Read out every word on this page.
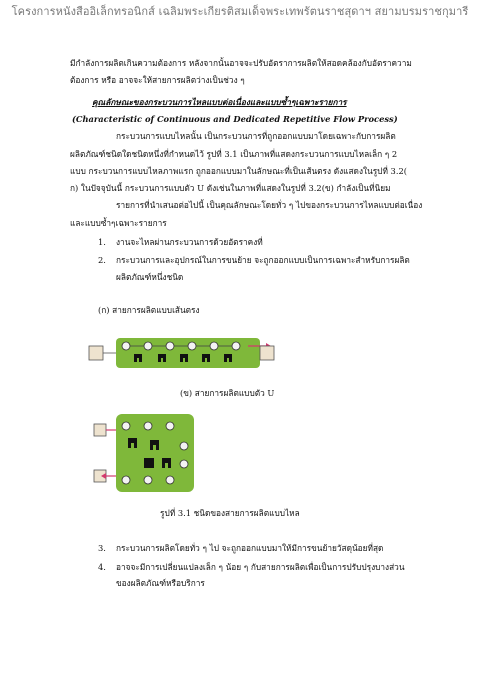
โครงการหนังสืออิเล็กทรอนิกส์ เฉลิมพระเกียรติสมเด็จพระเทพรัตนราชสุดาฯ สยามบรมราชกุมารี
มีกำลังการผลิตเกินความต้องการ หลังจากนั้นอาจจะปรับอัตราการผลิตให้สอดคล้องกับอัตราความ
ต้องการ หรือ อาจจะให้สายการผลิตว่างเป็นช่วง ๆ
คุณลักษณะของกระบวนการไหลแบบต่อเนื่องและแบบซ้ำๆเฉพาะรายการ
(Characteristic of Continuous and Dedicated Repetitive Flow Process)
กระบวนการแบบไหลนั้น เป็นกระบวนการที่ถูกออกแบบมาโดยเฉพาะกับการผลิต
ผลิตภัณฑ์ชนิดใดชนิดหนึ่งที่กำหนดไว้ รูปที่ 3.1 เป็นภาพที่แสดงกระบวนการแบบไหลเล็ก ๆ 2
แบบ กระบวนการแบบไหลภาพแรก ถูกออกแบบมาในลักษณะที่เป็นเส้นตรง ดังแสดงในรูปที่ 3.2(
ก) ในปัจจุบันนี้ กระบวนการแบบตัว U ดังเช่นในภาพที่แสดงในรูปที่ 3.2(ข) กำลังเป็นที่นิยม
รายการที่นำเสนอต่อไปนี้ เป็นคุณลักษณะโดยทั่ว ๆ ไปของกระบวนการไหลแบบต่อเนื่อง
และแบบซ้ำๆเฉพาะรายการ
1. งานจะไหลผ่านกระบวนการด้วยอัตราคงที่
2. กระบวนการและอุปกรณ์ในการขนย้าย จะถูกออกแบบเป็นการเฉพาะสำหรับการผลิต
ผลิตภัณฑ์หนึ่งชนิด
(ก) สายการผลิตแบบเส้นตรง
(ข) สายการผลิตแบบตัว U
รูปที่ 3.1 ชนิดของสายการผลิตแบบไหล
3. กระบวนการผลิตโดยทั่ว ๆ ไป จะถูกออกแบบมาให้มีการขนย้ายวัสดุน้อยที่สุด
4. อาจจะมีการเปลี่ยนแปลงเล็ก ๆ น้อย ๆ กับสายการผลิตเพื่อเป็นการปรับปรุงบางส่วน
ของผลิตภัณฑ์หรือบริการ
